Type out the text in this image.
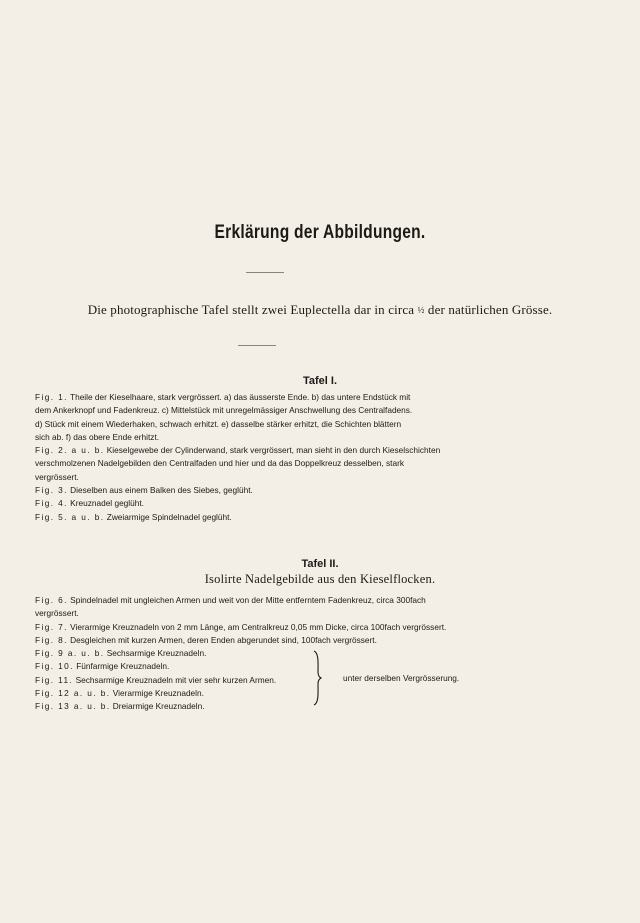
Erklärung der Abbildungen.
Die photographische Tafel stellt zwei Euplectella dar in circa ½ der natürlichen Grösse.
Tafel I.
Fig. 1. Theile der Kieselhaare, stark vergrössert. a) das äusserste Ende. b) das untere Endstück mit
dem Ankerknopf und Fadenkreuz. c) Mittelstück mit unregelmässiger Anschwellung des Centralfadens.
d) Stück mit einem Wiederhaken, schwach erhitzt. e) dasselbe stärker erhitzt, die Schichten blättern
sich ab. f) das obere Ende erhitzt.
Fig. 2. a u. b. Kieselgewebe der Cylinderwand, stark vergrössert, man sieht in den durch Kieselschichten
verschmolzenen Nadelgebilden den Centralfaden und hier und da das Doppelkreuz desselben, stark
vergrössert.
Fig. 3. Dieselben aus einem Balken des Siebes, geglüht.
Fig. 4. Kreuznadel geglüht.
Fig. 5. a u. b. Zweiarmige Spindelnadel geglüht.
Tafel II.
Isolirte Nadelgebilde aus den Kieselflocken.
Fig. 6. Spindelnadel mit ungleichen Armen und weit von der Mitte entferntem Fadenkreuz, circa 300fach
vergrössert.
Fig. 7. Vierarmige Kreuznadeln von 2 mm Länge, am Centralkreuz 0,05 mm Dicke, circa 100fach vergrössert.
Fig. 8. Desgleichen mit kurzen Armen, deren Enden abgerundet sind, 100fach vergrössert.
Fig. 9 a. u. b. Sechsarmige Kreuznadeln.
Fig. 10. Fünfarmige Kreuznadeln.
Fig. 11. Sechsarmige Kreuznadeln mit vier sehr kurzen Armen.
Fig. 12 a. u. b. Vierarmige Kreuznadeln.
Fig. 13 a. u. b. Dreiarmige Kreuznadeln.
unter derselben Vergrösserung.
